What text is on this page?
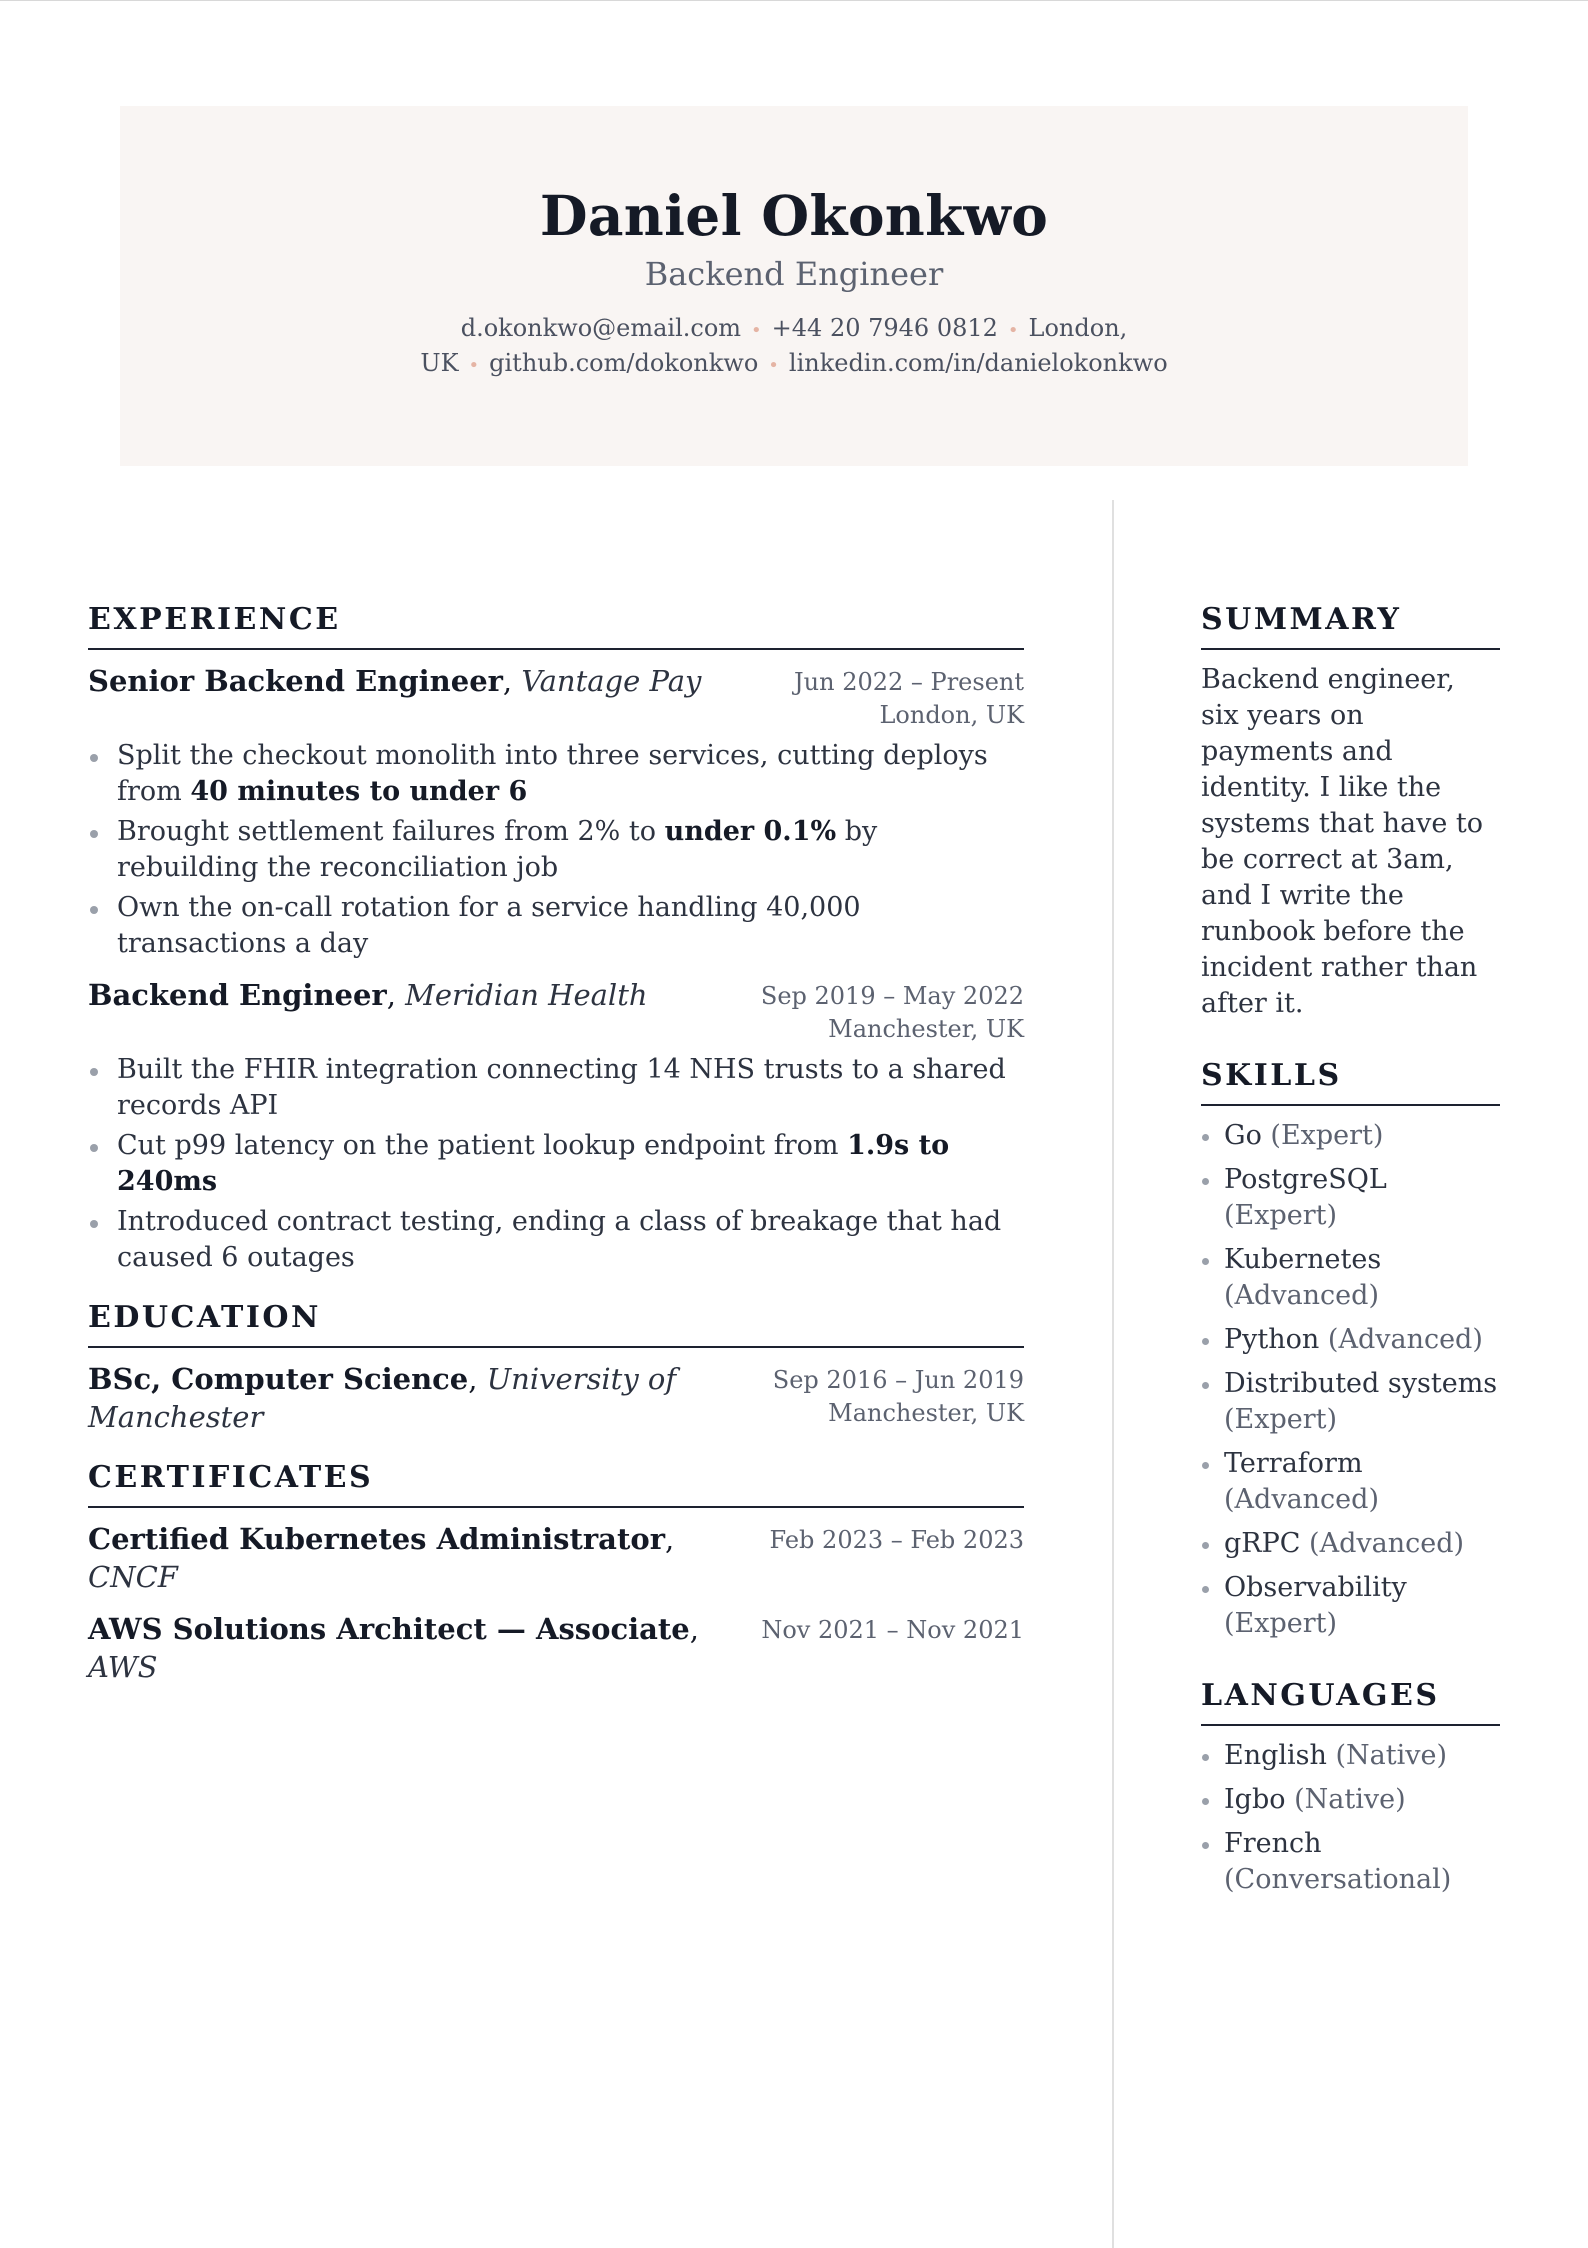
Daniel Okonkwo
Backend Engineer
d.okonkwo@email.com • +44 20 7946 0812 • London, UK • github.com/dokonkwo • linkedin.com/in/danielokonkwo
EXPERIENCE
Senior Backend Engineer, Vantage Pay	Jun 2022 – Present
London, UK
Split the checkout monolith into three services, cutting deploys from 40 minutes to under 6
Brought settlement failures from 2% to under 0.1% by rebuilding the reconciliation job
Own the on-call rotation for a service handling 40,000 transactions a day
Backend Engineer, Meridian Health	Sep 2019 – May 2022
Manchester, UK
Built the FHIR integration connecting 14 NHS trusts to a shared records API
Cut p99 latency on the patient lookup endpoint from 1.9s to 240ms
Introduced contract testing, ending a class of breakage that had caused 6 outages
EDUCATION
BSc, Computer Science, University of Manchester
Sep 2016 – Jun 2019
Manchester, UK
CERTIFICATES
Certified Kubernetes Administrator,
CNCF
Feb 2023 – Feb 2023
AWS Solutions Architect — Associate,
AWS
Nov 2021 – Nov 2021
SUMMARY
Backend engineer, six years on payments and identity. I like the systems that have to be correct at 3am, and I write the runbook before the incident rather than after it.
SKILLS
Go (Expert)
PostgreSQL (Expert)
Kubernetes (Advanced)
Python (Advanced)
Distributed systems (Expert)
Terraform (Advanced)
gRPC (Advanced)
Observability (Expert)
LANGUAGES
English (Native)
Igbo (Native)
French (Conversational)
